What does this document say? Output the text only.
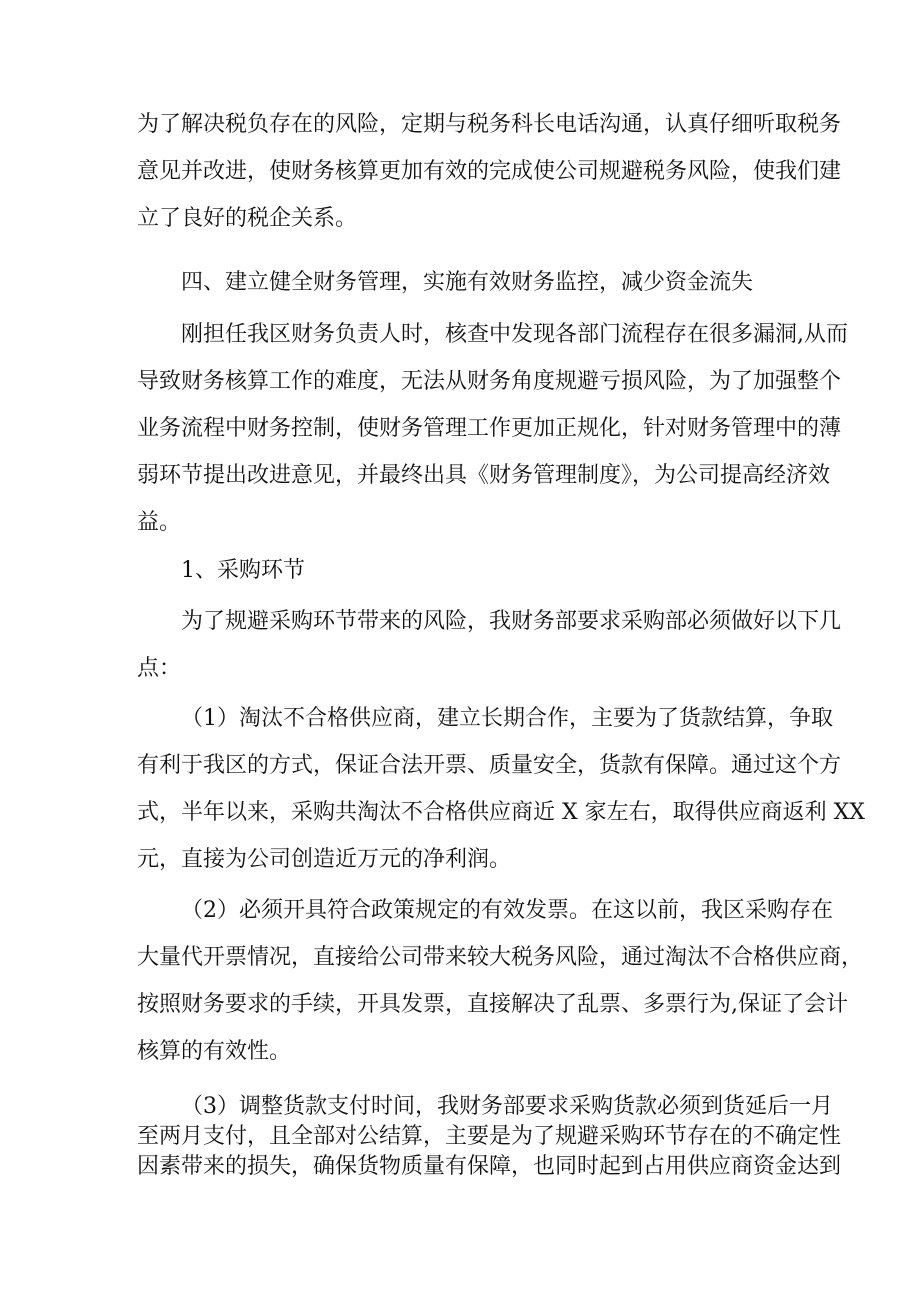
为了解决税负存在的风险，定期与税务科长电话沟通，认真仔细听取税务
意见并改进，使财务核算更加有效的完成使公司规避税务风险，使我们建
立了良好的税企关系。
四、建立健全财务管理，实施有效财务监控，减少资金流失
刚担任我区财务负责人时，核查中发现各部门流程存在很多漏洞,从而
导致财务核算工作的难度，无法从财务角度规避亏损风险，为了加强整个
业务流程中财务控制，使财务管理工作更加正规化，针对财务管理中的薄
弱环节提出改进意见，并最终出具《财务管理制度》，为公司提高经济效
益。
1、采购环节
为了规避采购环节带来的风险，我财务部要求采购部必须做好以下几
点：
（1）淘汰不合格供应商，建立长期合作，主要为了货款结算，争取
有利于我区的方式，保证合法开票、质量安全，货款有保障。通过这个方
式，半年以来，采购共淘汰不合格供应商近 X 家左右，取得供应商返利 XX
元，直接为公司创造近万元的净利润。
（2）必须开具符合政策规定的有效发票。在这以前，我区采购存在
大量代开票情况，直接给公司带来较大税务风险，通过淘汰不合格供应商，
按照财务要求的手续，开具发票，直接解决了乱票、多票行为,保证了会计
核算的有效性。
（3）调整货款支付时间，我财务部要求采购货款必须到货延后一月
至两月支付，且全部对公结算，主要是为了规避采购环节存在的不确定性
因素带来的损失，确保货物质量有保障，也同时起到占用供应商资金达到
